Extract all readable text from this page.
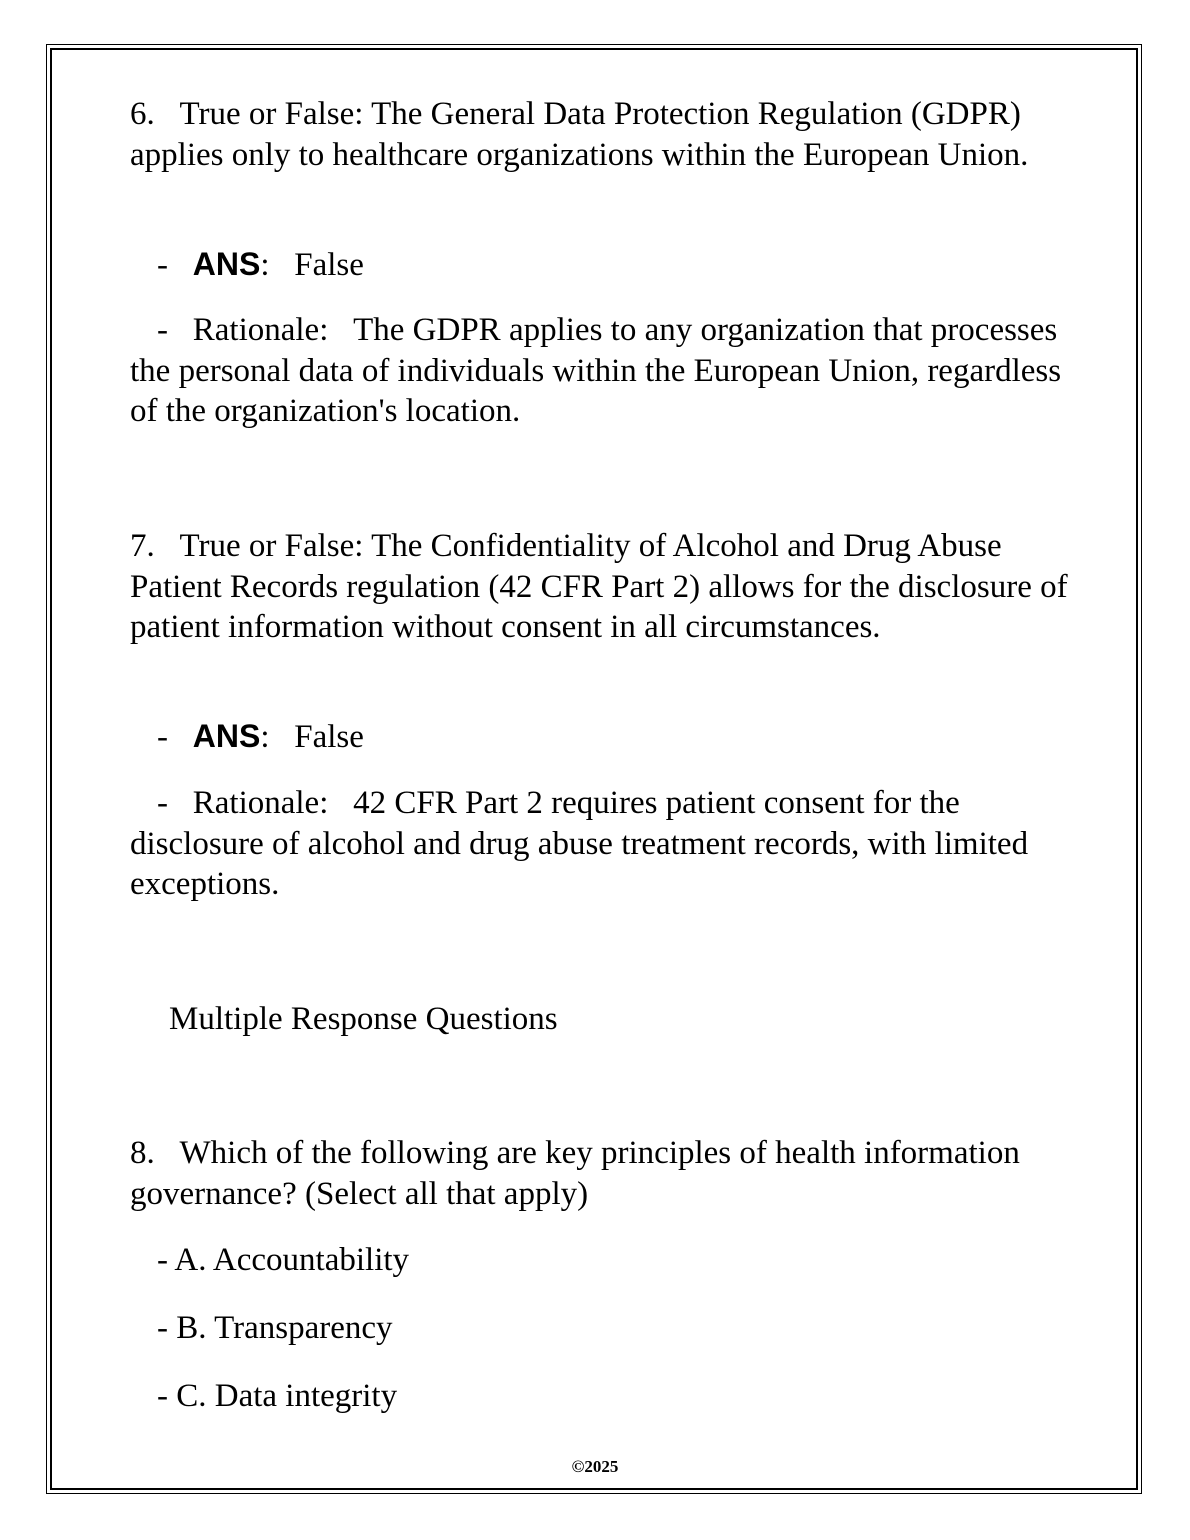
6.   True or False: The General Data Protection Regulation (GDPR) applies only to healthcare organizations within the European Union.

-   ANS:   False

-   Rationale:   The GDPR applies to any organization that processes the personal data of individuals within the European Union, regardless of the organization's location.

7.   True or False: The Confidentiality of Alcohol and Drug Abuse Patient Records regulation (42 CFR Part 2) allows for the disclosure of patient information without consent in all circumstances.

-   ANS:   False

-   Rationale:   42 CFR Part 2 requires patient consent for the disclosure of alcohol and drug abuse treatment records, with limited exceptions.

Multiple Response Questions

8.   Which of the following are key principles of health information governance? (Select all that apply)

- A. Accountability
- B. Transparency
- C. Data integrity
©2025
